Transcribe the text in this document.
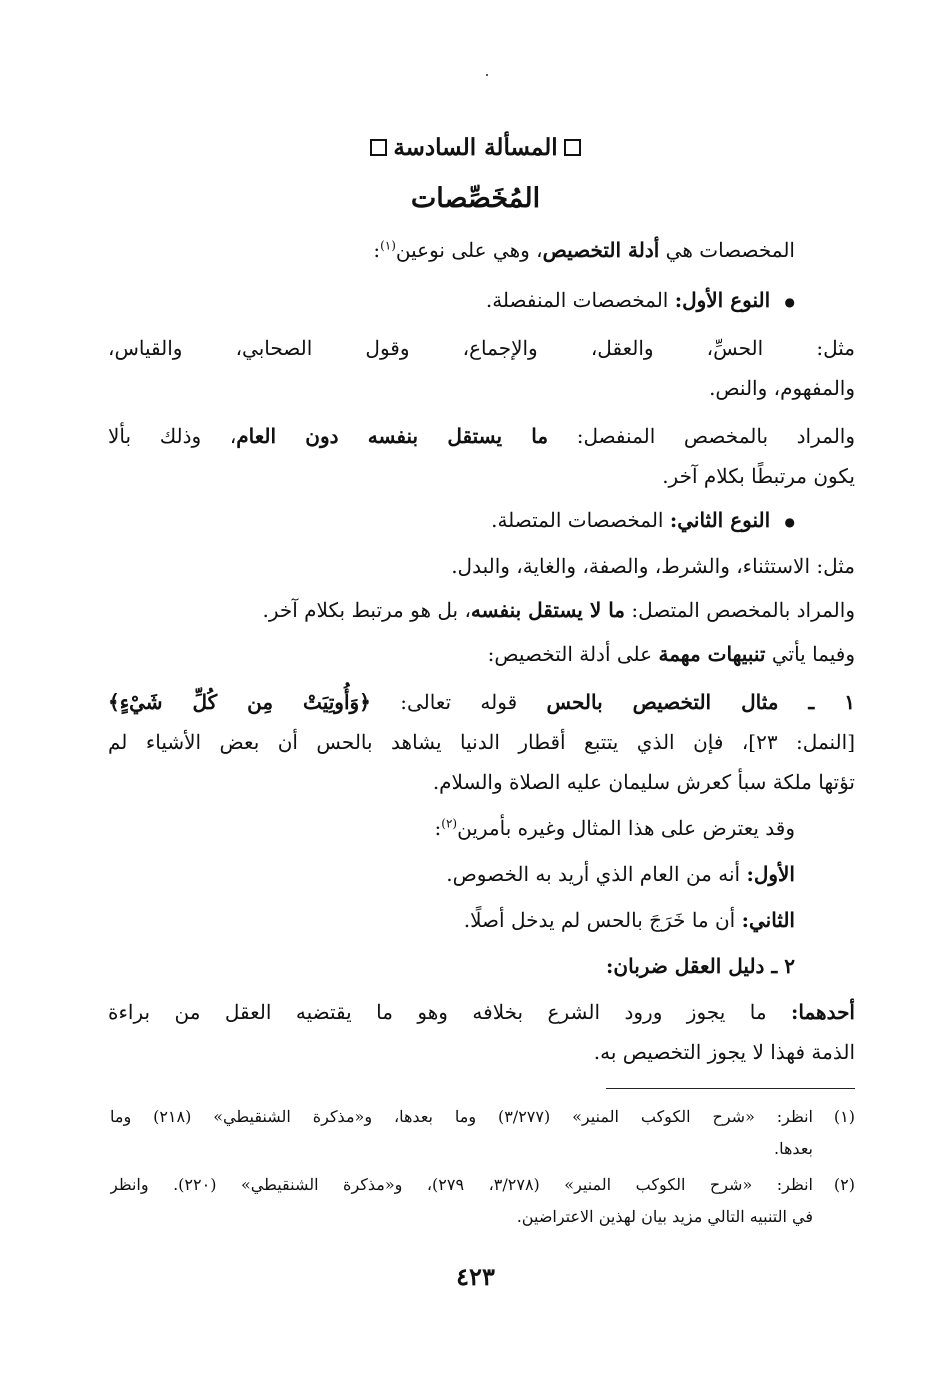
المسألة السادسة
المُخَصِّصات
المخصصات هي أدلة التخصيص، وهي على نوعين$^{(١)}$:
● النوع الأول: المخصصات المنفصلة.
مثل: الحسِّ، والعقل، والإجماع، وقول الصحابي، والقياس،
والمفهوم، والنص.
والمراد بالمخصص المنفصل: ما يستقل بنفسه دون العام، وذلك بألا
يكون مرتبطًا بكلام آخر.
● النوع الثاني: المخصصات المتصلة.
مثل: الاستثناء، والشرط، والصفة، والغاية، والبدل.
والمراد بالمخصص المتصل: ما لا يستقل بنفسه، بل هو مرتبط بكلام آخر.
وفيما يأتي تنبيهات مهمة على أدلة التخصيص:
١ ـ مثال التخصيص بالحس قوله تعالى: ﴿وَأُوتِيَتْ مِن كُلِّ شَيْءٍ﴾
[النمل: ٢٣]، فإن الذي يتتبع أقطار الدنيا يشاهد بالحس أن بعض الأشياء لم
تؤتها ملكة سبأ كعرش سليمان عليه الصلاة والسلام.
وقد يعترض على هذا المثال وغيره بأمرين$^{(٢)}$:
الأول: أنه من العام الذي أريد به الخصوص.
الثاني: أن ما خَرَجَ بالحس لم يدخل أصلًا.
٢ ـ دليل العقل ضربان:
أحدهما: ما يجوز ورود الشرع بخلافه وهو ما يقتضيه العقل من براءة
الذمة فهذا لا يجوز التخصيص به.
(١)
انظر: «شرح الكوكب المنير» (٣/٢٧٧) وما بعدها، و«مذكرة الشنقيطي» (٢١٨) وما
بعدها.
(٢)
انظر: «شرح الكوكب المنير» (٣/٢٧٨، ٢٧٩)، و«مذكرة الشنقيطي» (٢٢٠). وانظر
في التنبيه التالي مزيد بيان لهذين الاعتراضين.
٤٢٣
